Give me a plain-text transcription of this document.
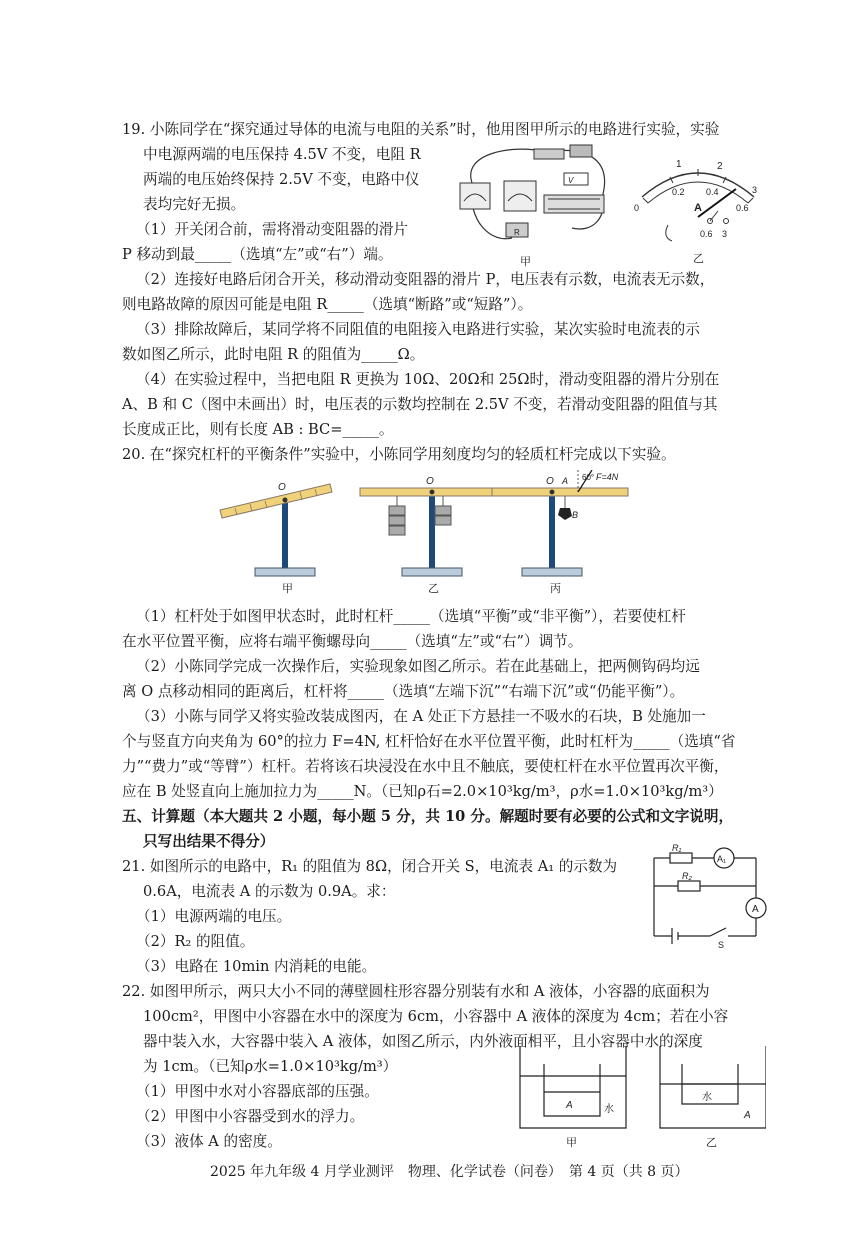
19. 小陈同学在“探究通过导体的电流与电阻的关系”时，他用图甲所示的电路进行实验，实验
中电源两端的电压保持 4.5V 不变，电阻 R
两端的电压始终保持 2.5V 不变，电路中仪
表均完好无损。
（1）开关闭合前，需将滑动变阻器的滑片
P 移动到最_____（选填“左”或“右”）端。
（2）连接好电路后闭合开关，移动滑动变阻器的滑片 P，电压表有示数，电流表无示数，
则电路故障的原因可能是电阻 R_____（选填“断路”或“短路”）。
（3）排除故障后，某同学将不同阻值的电阻接入电路进行实验，某次实验时电流表的示
数如图乙所示，此时电阻 R 的阻值为_____Ω。
（4）在实验过程中，当把电阻 R 更换为 10Ω、20Ω和 25Ω时，滑动变阻器的滑片分别在
A、B 和 C（图中未画出）时，电压表的示数均控制在 2.5V 不变，若滑动变阻器的阻值与其
长度成正比，则有长度 AB : BC=_____。
V
R
甲
1	2
0.2 0.4
0
3
0.6
A
0.6 3
乙
20. 在“探究杠杆的平衡条件”实验中，小陈同学用刻度均匀的轻质杠杆完成以下实验。
O
O	O A
B
60° F=4N
甲	乙	丙
（1）杠杆处于如图甲状态时，此时杠杆_____（选填“平衡”或“非平衡”），若要使杠杆
在水平位置平衡，应将右端平衡螺母向_____（选填“左”或“右”）调节。
（2）小陈同学完成一次操作后，实验现象如图乙所示。若在此基础上，把两侧钩码均远
离 O 点移动相同的距离后，杠杆将_____（选填“左端下沉”“右端下沉”或“仍能平衡”）。
（3）小陈与同学又将实验改装成图丙，在 A 处正下方悬挂一不吸水的石块，B 处施加一
个与竖直方向夹角为 60°的拉力 F=4N, 杠杆恰好在水平位置平衡，此时杠杆为_____（选填“省
力”“费力”或“等臂”）杠杆。若将该石块浸没在水中且不触底，要使杠杆在水平位置再次平衡，
应在 B 处竖直向上施加拉力为_____N。（已知ρ石=2.0×10³kg/m³，ρ水=1.0×10³kg/m³）
五、计算题（本大题共 2 小题，每小题 5 分，共 10 分。解题时要有必要的公式和文字说明，
只写出结果不得分）
21. 如图所示的电路中，R₁ 的阻值为 8Ω，闭合开关 S，电流表 A₁ 的示数为
0.6A，电流表 A 的示数为 0.9A。求：
（1）电源两端的电压。
（2）R₂ 的阻值。
（3）电路在 10min 内消耗的电能。
R₁
R₂
A₁
A
S
22. 如图甲所示，两只大小不同的薄壁圆柱形容器分别装有水和 A 液体，小容器的底面积为
100cm²，甲图中小容器在水中的深度为 6cm，小容器中 A 液体的深度为 4cm；若在小容
器中装入水，大容器中装入 A 液体，如图乙所示，内外液面相平，且小容器中水的深度
为 1cm。（已知ρ水=1.0×10³kg/m³）
（1）甲图中水对小容器底部的压强。
（2）甲图中小容器受到水的浮力。
（3）液体 A 的密度。
A	水
水
A
甲	乙
2025 年九年级 4 月学业测评　物理、化学试卷（问卷）　第 4 页（共 8 页）
